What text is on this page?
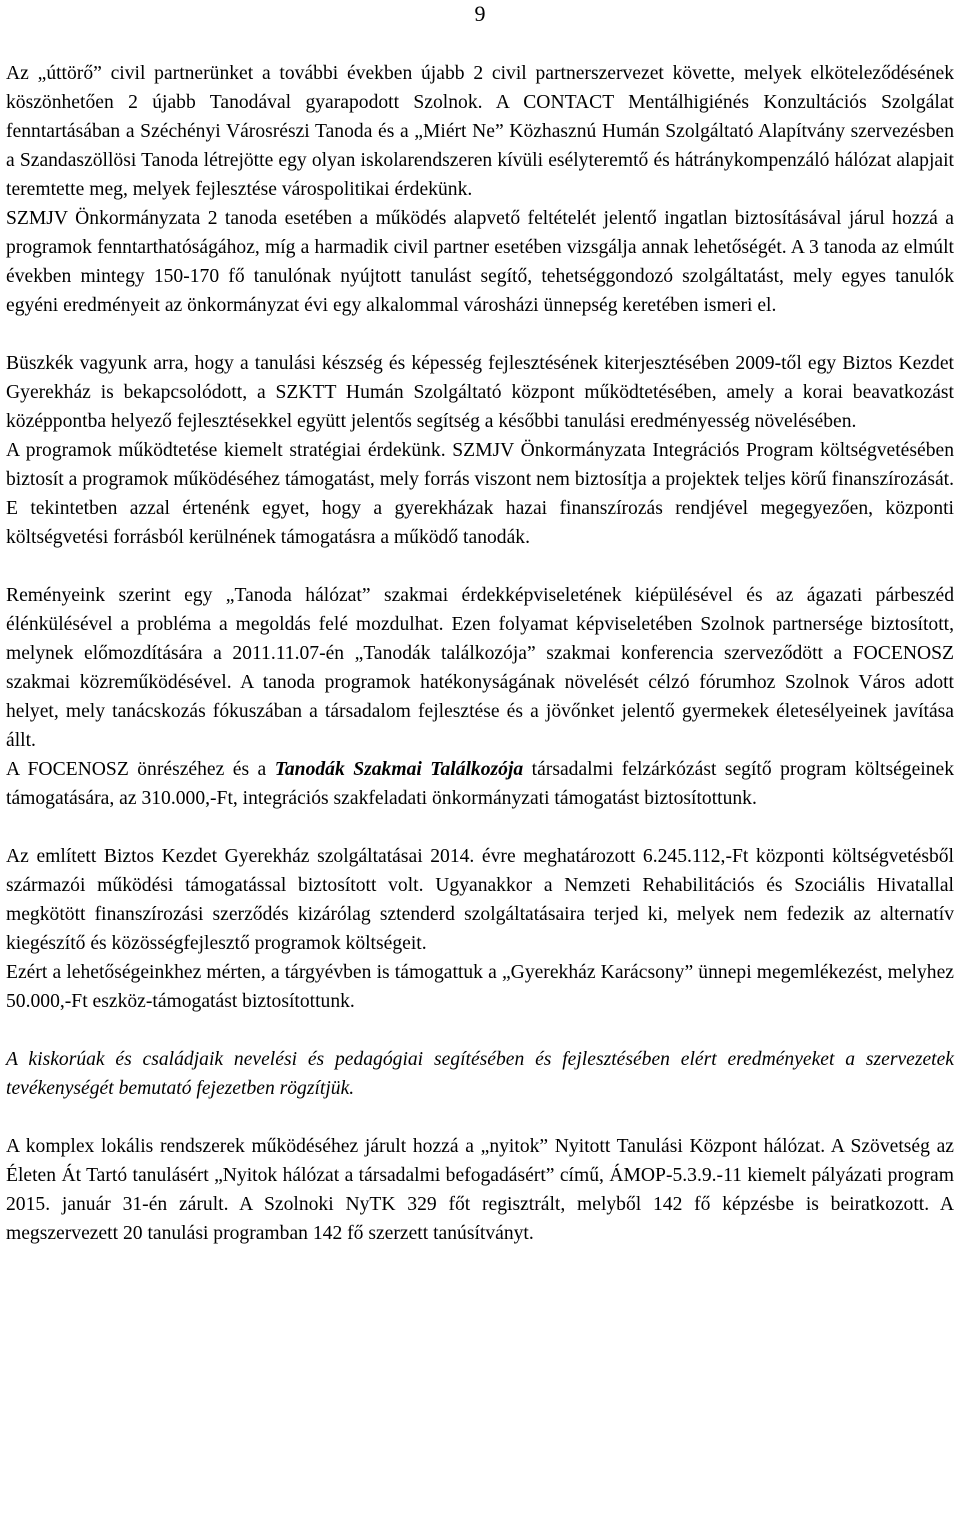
9

Az „úttörő” civil partnerünket a további években újabb 2 civil partnerszervezet követte, melyek elköteleződésének köszönhetően 2 újabb Tanodával gyarapodott Szolnok. A CONTACT Mentálhigiénés Konzultációs Szolgálat fenntartásában a Széchényi Városrészi Tanoda és a „Miért Ne” Közhasznú Humán Szolgáltató Alapítvány szervezésben a Szandaszöllösi Tanoda létrejötte egy olyan iskolarendszeren kívüli esélyteremtő és hátránykompenzáló hálózat alapjait teremtette meg, melyek fejlesztése várospolitikai érdekünk.

SZMJV Önkormányzata 2 tanoda esetében a működés alapvető feltételét jelentő ingatlan biztosításával járul hozzá a programok fenntarthatóságához, míg a harmadik civil partner esetében vizsgálja annak lehetőségét. A 3 tanoda az elmúlt években mintegy 150-170 fő tanulónak nyújtott tanulást segítő, tehetséggondozó szolgáltatást, mely egyes tanulók egyéni eredményeit az önkormányzat évi egy alkalommal városházi ünnepség keretében ismeri el.

Büszkék vagyunk arra, hogy a tanulási készség és képesség fejlesztésének kiterjesztésében 2009-től egy Biztos Kezdet Gyerekház is bekapcsolódott, a SZKTT Humán Szolgáltató központ működtetésében, amely a korai beavatkozást középpontba helyező fejlesztésekkel együtt jelentős segítség a későbbi tanulási eredményesség növelésében.

A programok működtetése kiemelt stratégiai érdekünk. SZMJV Önkormányzata Integrációs Program költségvetésében biztosít a programok működéséhez támogatást, mely forrás viszont nem biztosítja a projektek teljes körű finanszírozását. E tekintetben azzal értenénk egyet, hogy a gyerekházak hazai finanszírozás rendjével megegyezően, központi költségvetési forrásból kerülnének támogatásra a működő tanodák.

Reményeink szerint egy „Tanoda hálózat” szakmai érdekképviseletének kiépülésével és az ágazati párbeszéd élénkülésével a probléma a megoldás felé mozdulhat. Ezen folyamat képviseletében Szolnok partnersége biztosított, melynek előmozdítására a 2011.11.07-én „Tanodák találkozója” szakmai konferencia szerveződött a FOCENOSZ szakmai közreműködésével. A tanoda programok hatékonyságának növelését célzó fórumhoz Szolnok Város adott helyet, mely tanácskozás fókuszában a társadalom fejlesztése és a jövőnket jelentő gyermekek életesélyeinek javítása állt.

A FOCENOSZ önrészéhez és a Tanodák Szakmai Találkozója társadalmi felzárkózást segítő program költségeinek támogatására, az 310.000,-Ft, integrációs szakfeladati önkormányzati támogatást biztosítottunk.

Az említett Biztos Kezdet Gyerekház szolgáltatásai 2014. évre meghatározott 6.245.112,-Ft központi költségvetésből származói működési támogatással biztosított volt. Ugyanakkor a Nemzeti Rehabilitációs és Szociális Hivatallal megkötött finanszírozási szerződés kizárólag sztenderd szolgáltatásaira terjed ki, melyek nem fedezik az alternatív kiegészítő és közösségfejlesztő programok költségeit.

Ezért a lehetőségeinkhez mérten, a tárgyévben is támogattuk a „Gyerekház Karácsony” ünnepi megemlékezést, melyhez 50.000,-Ft eszköz-támogatást biztosítottunk.

A kiskorúak és családjaik nevelési és pedagógiai segítésében és fejlesztésében elért eredményeket a szervezetek tevékenységét bemutató fejezetben rögzítjük.

A komplex lokális rendszerek működéséhez járult hozzá a „nyitok” Nyitott Tanulási Központ hálózat. A Szövetség az Életen Át Tartó tanulásért „Nyitok hálózat a társadalmi befogadásért” című, ÁMOP-5.3.9.-11 kiemelt pályázati program 2015. január 31-én zárult. A Szolnoki NyTK 329 főt regisztrált, melyből 142 fő képzésbe is beiratkozott. A megszervezett 20 tanulási programban 142 fő szerzett tanúsítványt.
